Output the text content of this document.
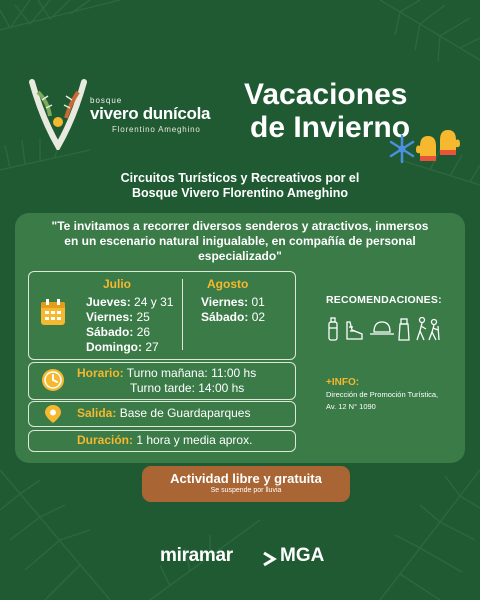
bosque
vivero dunícola
Florentino Ameghino
Vacaciones
de Invierno
Circuitos Turísticos y Recreativos por el
Bosque Vivero Florentino Ameghino
"Te invitamos a recorrer diversos senderos y atractivos, inmersos en un escenario natural inigualable, en compañía de personal especializado"
Julio	Agosto
Jueves: 24 y 31
Viernes: 25
Sábado: 26
Domingo: 27
Viernes: 01
Sábado: 02
Horario: Turno mañana: 11:00 hs
Turno tarde: 14:00 hs
Salida: Base de Guardaparques
Duración: 1 hora y media aprox.
RECOMENDACIONES:
+INFO:
Dirección de Promoción Turística,
Av. 12 N° 1090
Actividad libre y gratuita
Se suspende por lluvia
miramar MGA
